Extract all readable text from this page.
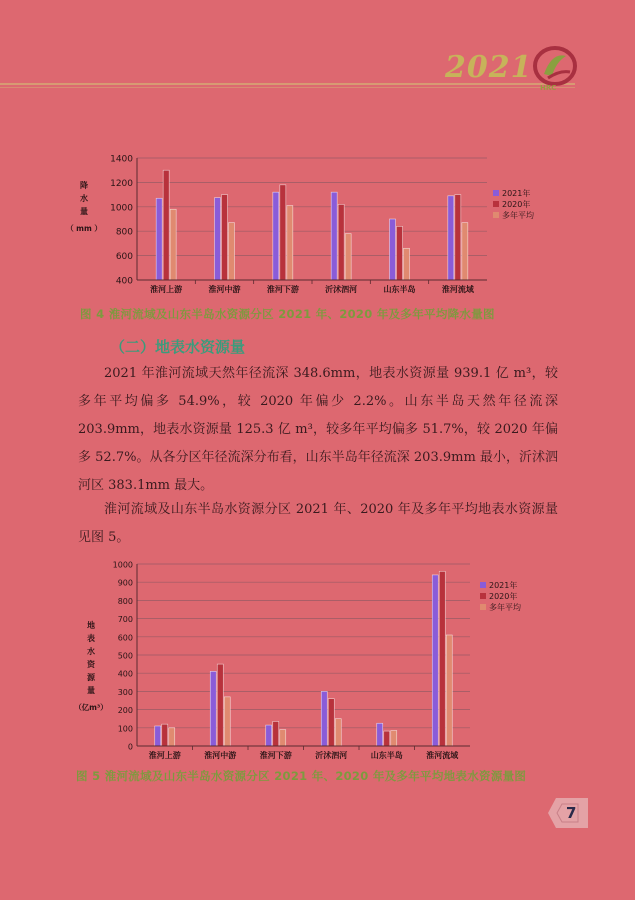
2021
HRC
400
600
800
1000
1200
1400
降
水
量
（ mm ）
淮河上游	淮河中游	淮河下游	沂沭泗河	山东半岛	淮河流域
2021年
2020年
多年平均
图 4 淮河流域及山东半岛水资源分区 2021 年、2020 年及多年平均降水量图
（二）地表水资源量
2021 年淮河流域天然年径流深 348.6mm，地表水资源量 939.1 亿 m³，较多年平均偏多 54.9%，较 2020 年偏少 2.2%。山东半岛天然年径流深 203.9mm，地表水资源量 125.3 亿 m³，较多年平均偏多 51.7%，较 2020 年偏多 52.7%。从各分区年径流深分布看，山东半岛年径流深 203.9mm 最小，沂沭泗河区 383.1mm 最大。
淮河流域及山东半岛水资源分区 2021 年、2020 年及多年平均地表水资源量见图 5。
0
100
200
300
400
500
600
700
800
900
1000
地
表
水
资
源
量
（亿m³）
淮河上游	淮河中游	淮河下游	沂沭泗河	山东半岛	淮河流域
2021年
2020年
多年平均
图 5 淮河流域及山东半岛水资源分区 2021 年、2020 年及多年平均地表水资源量图
7
